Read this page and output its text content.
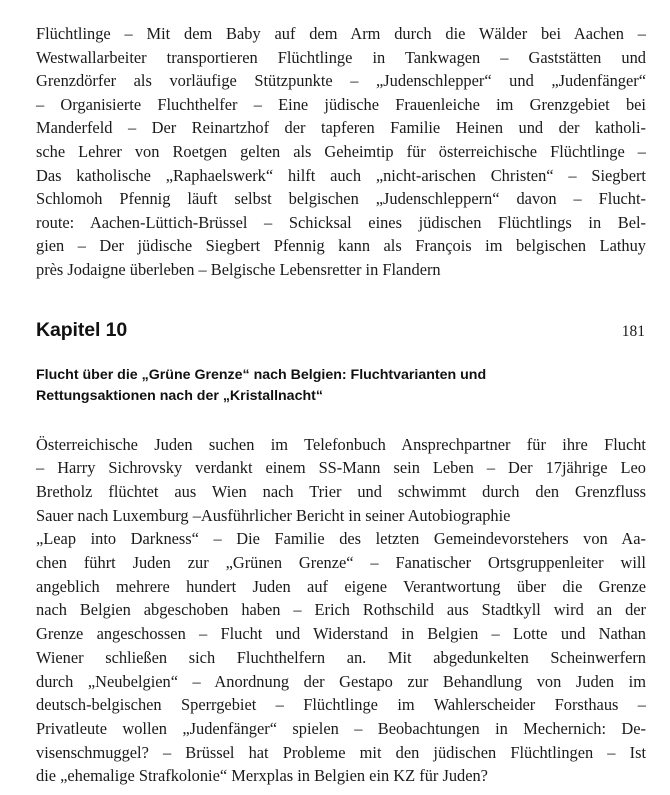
Flüchtlinge – Mit dem Baby auf dem Arm durch die Wälder bei Aachen –
Westwallarbeiter transportieren Flüchtlinge in Tankwagen – Gaststätten und
Grenzdörfer als vorläufige Stützpunkte – „Judenschlepper“ und „Judenfänger“
– Organisierte Fluchthelfer – Eine jüdische Frauenleiche im Grenzgebiet bei
Manderfeld – Der Reinartzhof der tapferen Familie Heinen und der katholi-
sche Lehrer von Roetgen gelten als Geheimtip für österreichische Flüchtlinge –
Das katholische „Raphaelswerk“ hilft auch „nicht-arischen Christen“ – Siegbert
Schlomoh Pfennig läuft selbst belgischen „Judenschleppern“ davon – Flucht-
route: Aachen-Lüttich-Brüssel – Schicksal eines jüdischen Flüchtlings in Bel-
gien – Der jüdische Siegbert Pfennig kann als François im belgischen Lathuy
près Jodaigne überleben – Belgische Lebensretter in Flandern
Kapitel 10	181
Flucht über die „Grüne Grenze“ nach Belgien: Fluchtvarianten und
Rettungsaktionen nach der „Kristallnacht“
Österreichische Juden suchen im Telefonbuch Ansprechpartner für ihre Flucht
– Harry Sichrovsky verdankt einem SS-Mann sein Leben – Der 17jährige Leo
Bretholz flüchtet aus Wien nach Trier und schwimmt durch den Grenzfluss
Sauer nach Luxemburg –Ausführlicher Bericht in seiner Autobiographie
„Leap into Darkness“ – Die Familie des letzten Gemeindevorstehers von Aa-
chen führt Juden zur „Grünen Grenze“ – Fanatischer Ortsgruppenleiter will
angeblich mehrere hundert Juden auf eigene Verantwortung über die Grenze
nach Belgien abgeschoben haben – Erich Rothschild aus Stadtkyll wird an der
Grenze angeschossen – Flucht und Widerstand in Belgien – Lotte und Nathan
Wiener schließen sich Fluchthelfern an. Mit abgedunkelten Scheinwerfern
durch „Neubelgien“ – Anordnung der Gestapo zur Behandlung von Juden im
deutsch-belgischen Sperrgebiet – Flüchtlinge im Wahlerscheider Forsthaus –
Privatleute wollen „Judenfänger“ spielen – Beobachtungen in Mechernich: De-
visenschmuggel? – Brüssel hat Probleme mit den jüdischen Flüchtlingen – Ist
die „ehemalige Strafkolonie“ Merxplas in Belgien ein KZ für Juden?
